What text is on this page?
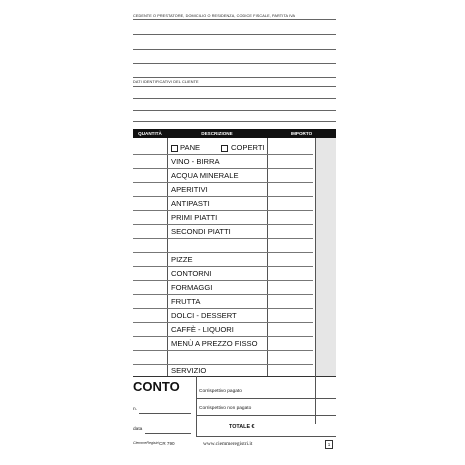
CEDENTE O PRESTATORE, DOMICILIO O RESIDENZA, CODICE FISCALE, PARTITA IVA
DATI IDENTIFICATIVI DEL CLIENTE
QUANTITÀ	DESCRIZIONE	IMPORTO
PANE	COPERTI
VINO - BIRRA
ACQUA MINERALE
APERITIVI
ANTIPASTI
PRIMI PIATTI
SECONDI PIATTI
PIZZE
CONTORNI
FORMAGGI
FRUTTA
DOLCI - DESSERT
CAFFÈ - LIQUORI
MENÙ A PREZZO FISSO
SERVIZIO
CONTO
n.
data
Corrispettivo pagato
Corrispettivo non pagato
TOTALE €
CiemmeRegistri CR 790	www.ciemmeregistri.it	1
